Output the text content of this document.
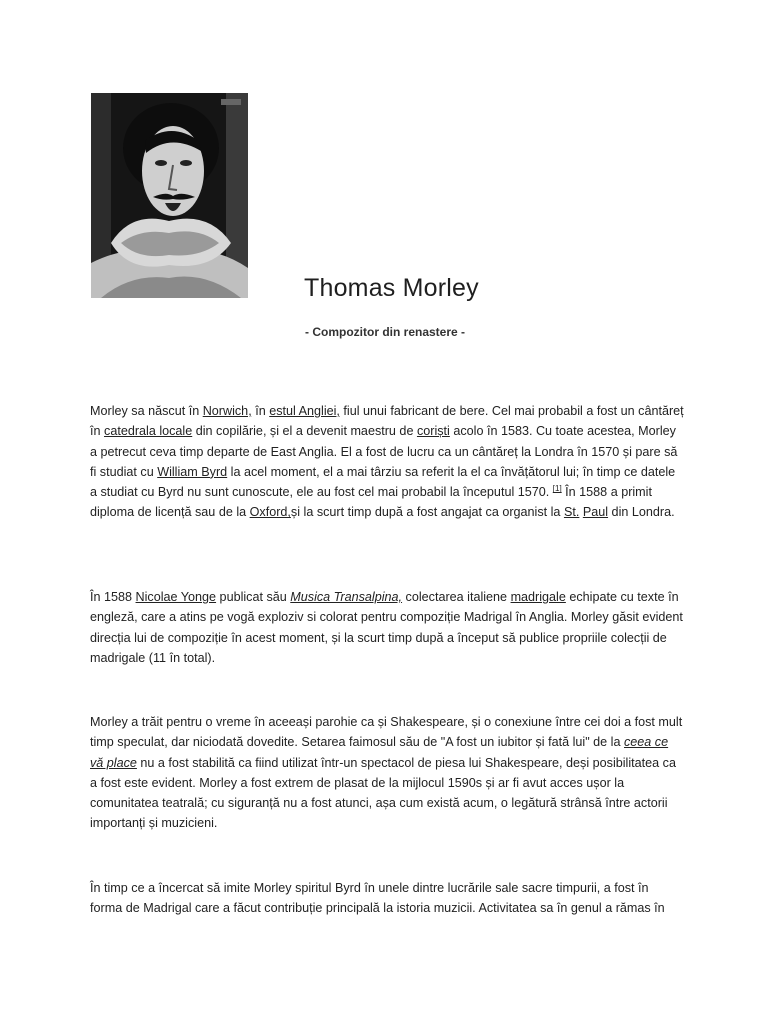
Thomas Morley
- Compozitor din renastere -
Morley sa născut în Norwich, în estul Angliei, fiul unui fabricant de bere. Cel mai probabil a fost un cântăreț în catedrala locale din copilărie, și el a devenit maestru de coriști acolo în 1583. Cu toate acestea, Morley a petrecut ceva timp departe de East Anglia. El a fost de lucru ca un cântăreț la Londra în 1570 și pare să fi studiat cu William Byrd la acel moment, el a mai târziu sa referit la el ca învățătorul lui; în timp ce datele a studiat cu Byrd nu sunt cunoscute, ele au fost cel mai probabil la începutul 1570. [1] În 1588 a primit diploma de licență sau de la Oxford,și la scurt timp după a fost angajat ca organist la St. Paul din Londra.
În 1588 Nicolae Yonge publicat său Musica Transalpina, colectarea italiene madrigale echipate cu texte în engleză, care a atins pe vogă exploziv si colorat pentru compoziție Madrigal în Anglia. Morley găsit evident direcția lui de compoziție în acest moment, și la scurt timp după a început să publice propriile colecții de madrigale (11 în total).
Morley a trăit pentru o vreme în aceeași parohie ca și Shakespeare, și o conexiune între cei doi a fost mult timp speculat, dar niciodată dovedite. Setarea faimosul său de "A fost un iubitor și fată lui" de la ceea ce vă place nu a fost stabilită ca fiind utilizat într-un spectacol de piesa lui Shakespeare, deși posibilitatea ca a fost este evident. Morley a fost extrem de plasat de la mijlocul 1590s și ar fi avut acces ușor la comunitatea teatrală; cu siguranță nu a fost atunci, așa cum există acum, o legătură strânsă între actorii importanți și muzicieni.
În timp ce a încercat să imite Morley spiritul Byrd în unele dintre lucrările sale sacre timpurii, a fost în forma de Madrigal care a făcut contribuție principală la istoria muzicii. Activitatea sa în genul a rămas în
